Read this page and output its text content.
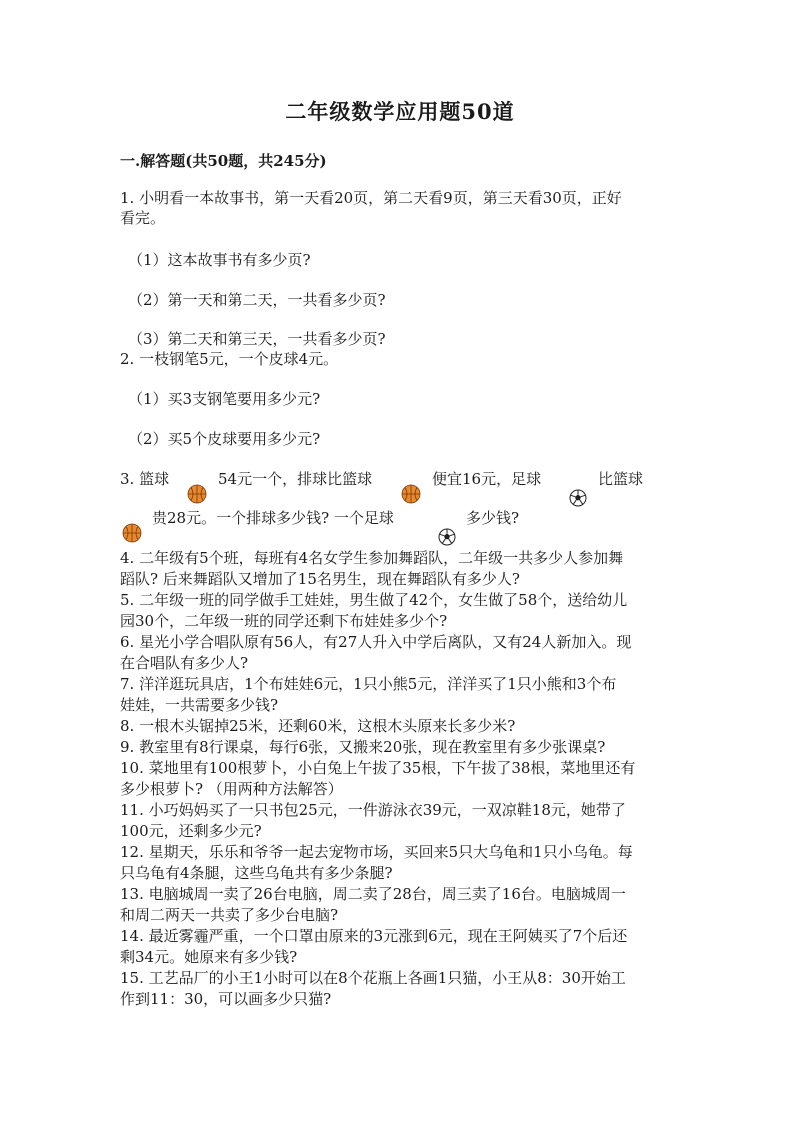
二年级数学应用题50道
一.解答题(共50题，共245分)
1. 小明看一本故事书，第一天看20页，第二天看9页，第三天看30页，正好
看完。
（1）这本故事书有多少页?
（2）第一天和第二天，一共看多少页?
（3）第二天和第三天，一共看多少页?
2. 一枝钢笔5元，一个皮球4元。
（1）买3支钢笔要用多少元?
（2）买5个皮球要用多少元?
3. 篮球	54元一个，排球比篮球	便宜16元，足球	比篮球
贵28元。一个排球多少钱? 一个足球	多少钱?
4. 二年级有5个班，每班有4名女学生参加舞蹈队，二年级一共多少人参加舞
蹈队? 后来舞蹈队又增加了15名男生，现在舞蹈队有多少人?
5. 二年级一班的同学做手工娃娃，男生做了42个，女生做了58个，送给幼儿
园30个，二年级一班的同学还剩下布娃娃多少个?
6. 星光小学合唱队原有56人，有27人升入中学后离队，又有24人新加入。现
在合唱队有多少人?
7. 洋洋逛玩具店，1个布娃娃6元，1只小熊5元，洋洋买了1只小熊和3个布
娃娃，一共需要多少钱?
8. 一根木头锯掉25米，还剩60米，这根木头原来长多少米?
9. 教室里有8行课桌，每行6张，又搬来20张，现在教室里有多少张课桌?
10. 菜地里有100根萝卜，小白兔上午拔了35根，下午拔了38根，菜地里还有
多少根萝卜? （用两种方法解答）
11. 小巧妈妈买了一只书包25元，一件游泳衣39元，一双凉鞋18元，她带了
100元，还剩多少元?
12. 星期天，乐乐和爷爷一起去宠物市场，买回来5只大乌龟和1只小乌龟。每
只乌龟有4条腿，这些乌龟共有多少条腿?
13. 电脑城周一卖了26台电脑，周二卖了28台，周三卖了16台。电脑城周一
和周二两天一共卖了多少台电脑?
14. 最近雾霾严重，一个口罩由原来的3元涨到6元，现在王阿姨买了7个后还
剩34元。她原来有多少钱?
15. 工艺品厂的小王1小时可以在8个花瓶上各画1只猫，小王从8：30开始工
作到11：30，可以画多少只猫?
